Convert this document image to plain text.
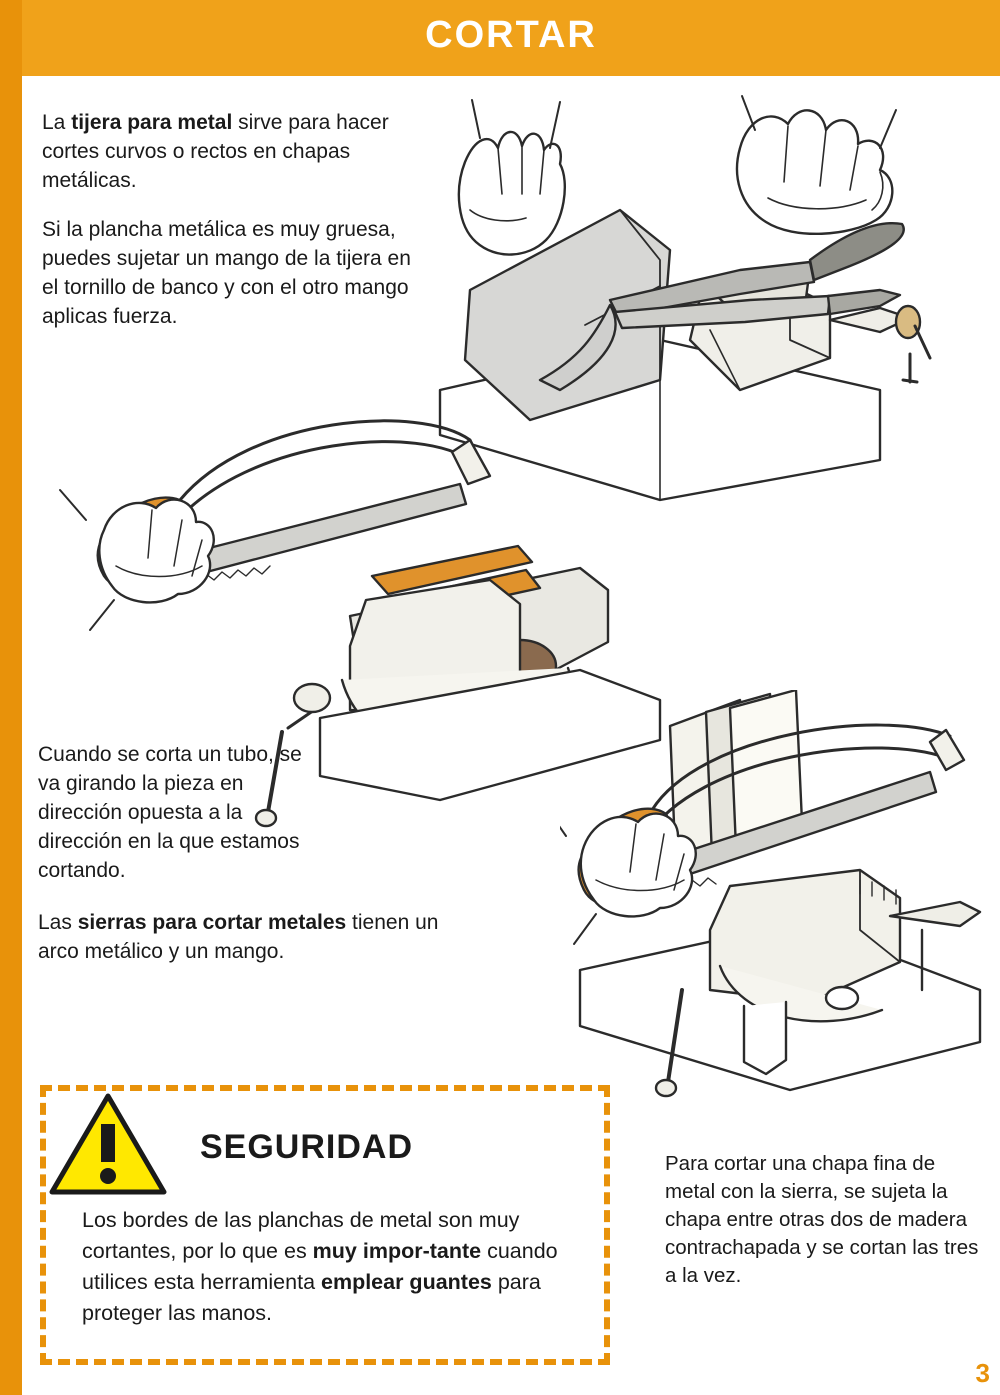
CORTAR
La tijera para metal sirve para hacer cortes curvos o rectos en chapas metálicas.
Si la plancha metálica es muy gruesa, puedes sujetar un mango de la tijera en el tornillo de banco y con el otro mango aplicas fuerza.
Cuando se corta un tubo, se va girando la pieza en dirección opuesta a la dirección en la que estamos cortando.
Las sierras para cortar metales tienen un arco metálico y un mango.
SEGURIDAD
Los bordes de las planchas de metal son muy cortantes, por lo que es muy impor-tante cuando utilices esta herramienta emplear guantes para proteger las manos.
Para cortar una chapa fina de metal con la sierra, se sujeta la chapa entre otras dos de madera contrachapada y se cortan las tres a la vez.
3
